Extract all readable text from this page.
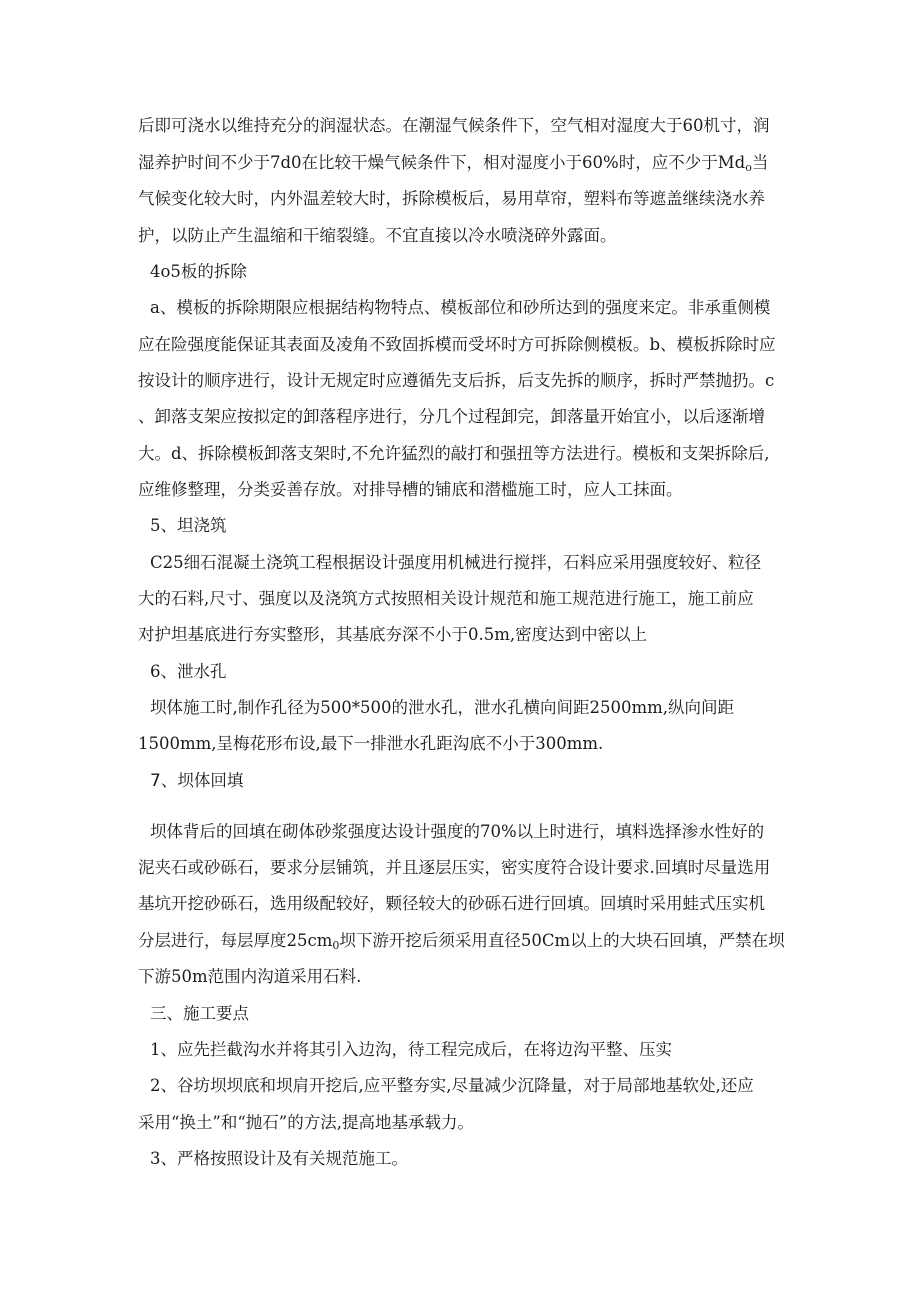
后即可浇水以维持充分的润湿状态。在潮湿气候条件下，空气相对湿度大于60机寸，润
湿养护时间不少于7d0在比较干燥气候条件下，相对湿度小于60%时，应不少于$Md_o$当
气候变化较大时，内外温差较大时，拆除模板后，易用草帘，塑料布等遮盖继续浇水养
护，以防止产生温缩和干缩裂缝。不宜直接以冷水喷浇碎外露面。
4o5板的拆除
a、模板的拆除期限应根据结构物特点、模板部位和砂所达到的强度来定。非承重侧模
应在险强度能保证其表面及凌角不致固拆模而受坏时方可拆除侧模板。b、模板拆除时应
按设计的顺序进行，设计无规定时应遵循先支后拆，后支先拆的顺序，拆时严禁抛扔。c
、卸落支架应按拟定的卸落程序进行，分几个过程卸完，卸落量开始宜小，以后逐渐增
大。d、拆除模板卸落支架时,不允许猛烈的敲打和强扭等方法进行。模板和支架拆除后,
应维修整理，分类妥善存放。对排导槽的铺底和潜槛施工时，应人工抹面。
5、坦浇筑
C25细石混凝土浇筑工程根据设计强度用机械进行搅拌，石料应采用强度较好、粒径
大的石料,尺寸、强度以及浇筑方式按照相关设计规范和施工规范进行施工，施工前应
对护坦基底进行夯实整形，其基底夯深不小于0.5m,密度达到中密以上
6、泄水孔
坝体施工时,制作孔径为500*500的泄水孔，泄水孔横向间距2500mm,纵向间距
1500mm,呈梅花形布设,最下一排泄水孔距沟底不小于300mm.
7、坝体回填
坝体背后的回填在砌体砂浆强度达设计强度的70%以上时进行，填料选择渗水性好的
泥夹石或砂砾石，要求分层铺筑，并且逐层压实，密实度符合设计要求.回填时尽量选用
基坑开挖砂砾石，选用级配较好，颗径较大的砂砾石进行回填。回填时采用蛙式压实机
分层进行，每层厚度$25cm_0$坝下游开挖后须采用直径50Cm以上的大块石回填，严禁在坝
下游50m范围内沟道采用石料.
三、施工要点
1、应先拦截沟水并将其引入边沟，待工程完成后，在将边沟平整、压实
2、谷坊坝坝底和坝肩开挖后,应平整夯实,尽量减少沉降量，对于局部地基软处,还应
采用“换土”和“抛石”的方法,提高地基承载力。
3、严格按照设计及有关规范施工。
